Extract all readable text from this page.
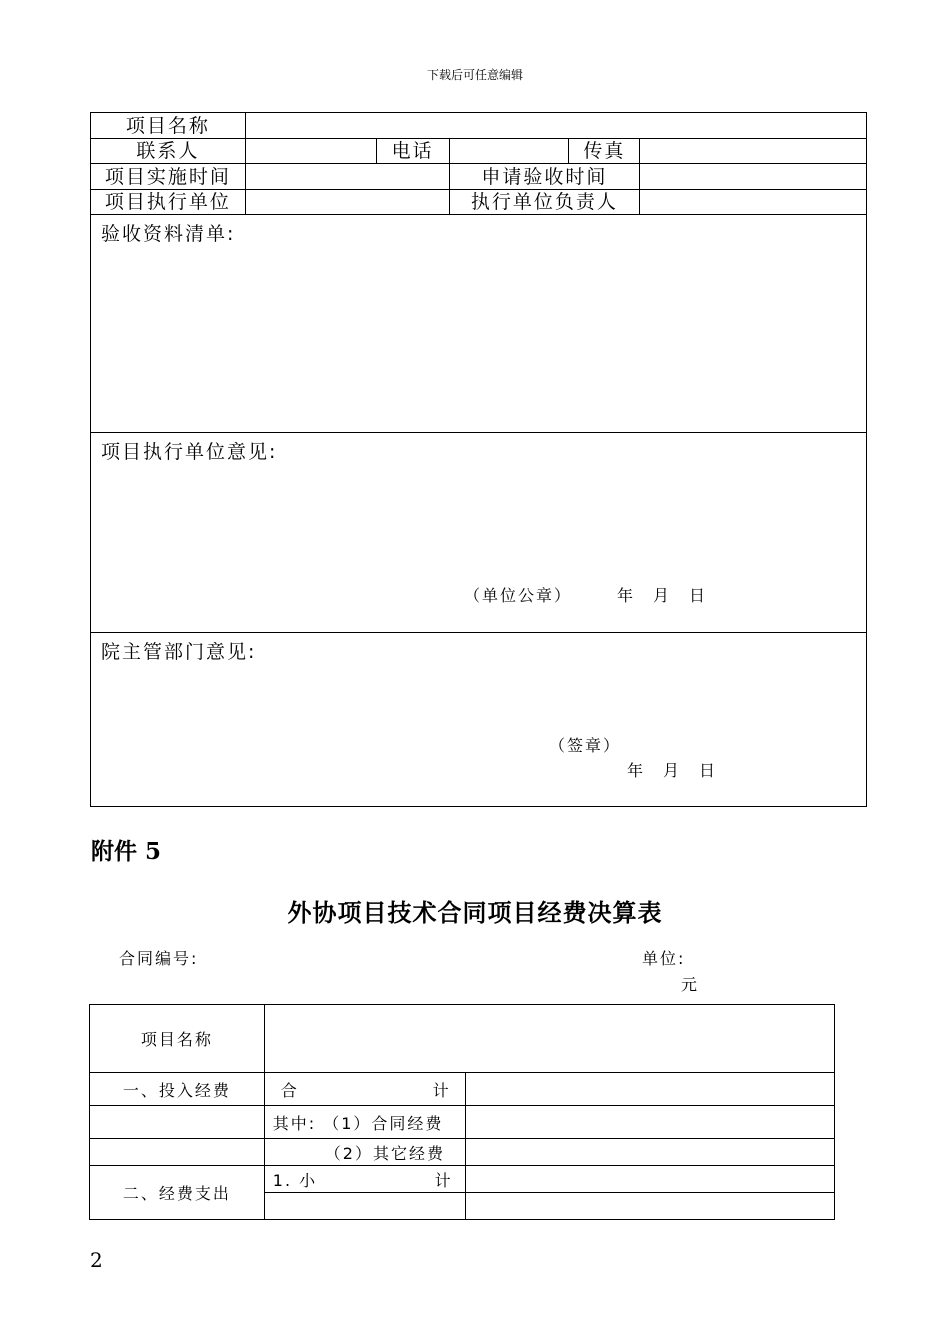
下载后可任意编辑
项目名称					
联系人		电话		传真	
项目实施时间			申请验收时间		
项目执行单位			执行单位负责人		

验收资料清单:					

项目执行单位意见:
（单位公章） 年　月　日					

院主管部门意见:
（签章）
年　月　日					
附件 5
外协项目技术合同项目经费决算表
合同编号:	单位:
元
项目名称		
一、投入经费	合 计	

	其中: （1）合同经费	
	（2）其它经费	
二、经费支出	1. 小 计	

2
